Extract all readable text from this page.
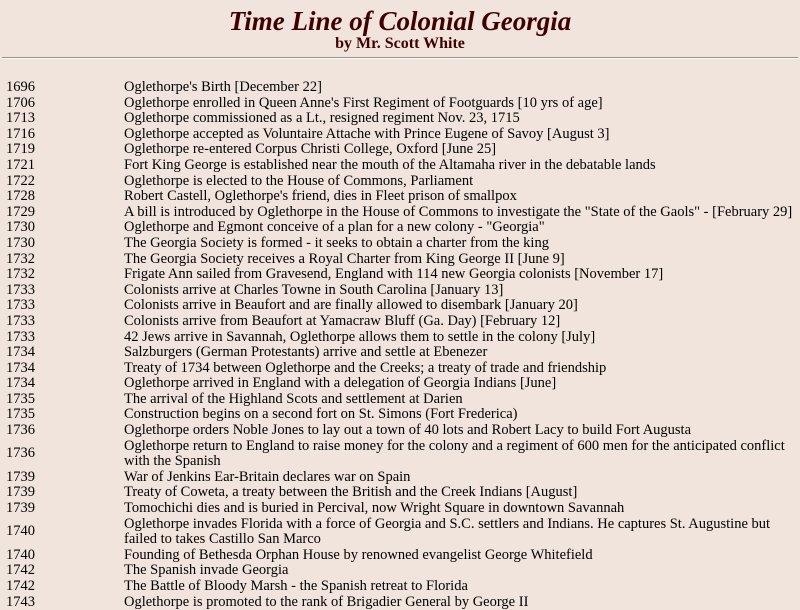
Time Line of Colonial Georgia
by Mr. Scott White
1696	Oglethorpe's Birth [December 22]
1706	Oglethorpe enrolled in Queen Anne's First Regiment of Footguards [10 yrs of age]
1713	Oglethorpe commissioned as a Lt., resigned regiment Nov. 23, 1715
1716	Oglethorpe accepted as Voluntaire Attache with Prince Eugene of Savoy [August 3]
1719	Oglethorpe re-entered Corpus Christi College, Oxford [June 25]
1721	Fort King George is established near the mouth of the Altamaha river in the debatable lands
1722	Oglethorpe is elected to the House of Commons, Parliament
1728	Robert Castell, Oglethorpe's friend, dies in Fleet prison of smallpox
1729	A bill is introduced by Oglethorpe in the House of Commons to investigate the "State of the Gaols" - [February 29]
1730	Oglethorpe and Egmont conceive of a plan for a new colony - "Georgia"
1730	The Georgia Society is formed - it seeks to obtain a charter from the king
1732	The Georgia Society receives a Royal Charter from King George II [June 9]
1732	Frigate Ann sailed from Gravesend, England with 114 new Georgia colonists [November 17]
1733	Colonists arrive at Charles Towne in South Carolina [January 13]
1733	Colonists arrive in Beaufort and are finally allowed to disembark [January 20]
1733	Colonists arrive from Beaufort at Yamacraw Bluff (Ga. Day) [February 12]
1733	42 Jews arrive in Savannah, Oglethorpe allows them to settle in the colony [July]
1734	Salzburgers (German Protestants) arrive and settle at Ebenezer
1734	Treaty of 1734 between Oglethorpe and the Creeks; a treaty of trade and friendship
1734	Oglethorpe arrived in England with a delegation of Georgia Indians [June]
1735	The arrival of the Highland Scots and settlement at Darien
1735	Construction begins on a second fort on St. Simons (Fort Frederica)
1736	Oglethorpe orders Noble Jones to lay out a town of 40 lots and Robert Lacy to build Fort Augusta
1736	Oglethorpe return to England to raise money for the colony and a regiment of 600 men for the anticipated conflict with the Spanish
1739	War of Jenkins Ear-Britain declares war on Spain
1739	Treaty of Coweta, a treaty between the British and the Creek Indians [August]
1739	Tomochichi dies and is buried in Percival, now Wright Square in downtown Savannah
1740	Oglethorpe invades Florida with a force of Georgia and S.C. settlers and Indians. He captures St. Augustine but failed to takes Castillo San Marco
1740	Founding of Bethesda Orphan House by renowned evangelist George Whitefield
1742	The Spanish invade Georgia
1742	The Battle of Bloody Marsh - the Spanish retreat to Florida
1743	Oglethorpe is promoted to the rank of Brigadier General by George II
